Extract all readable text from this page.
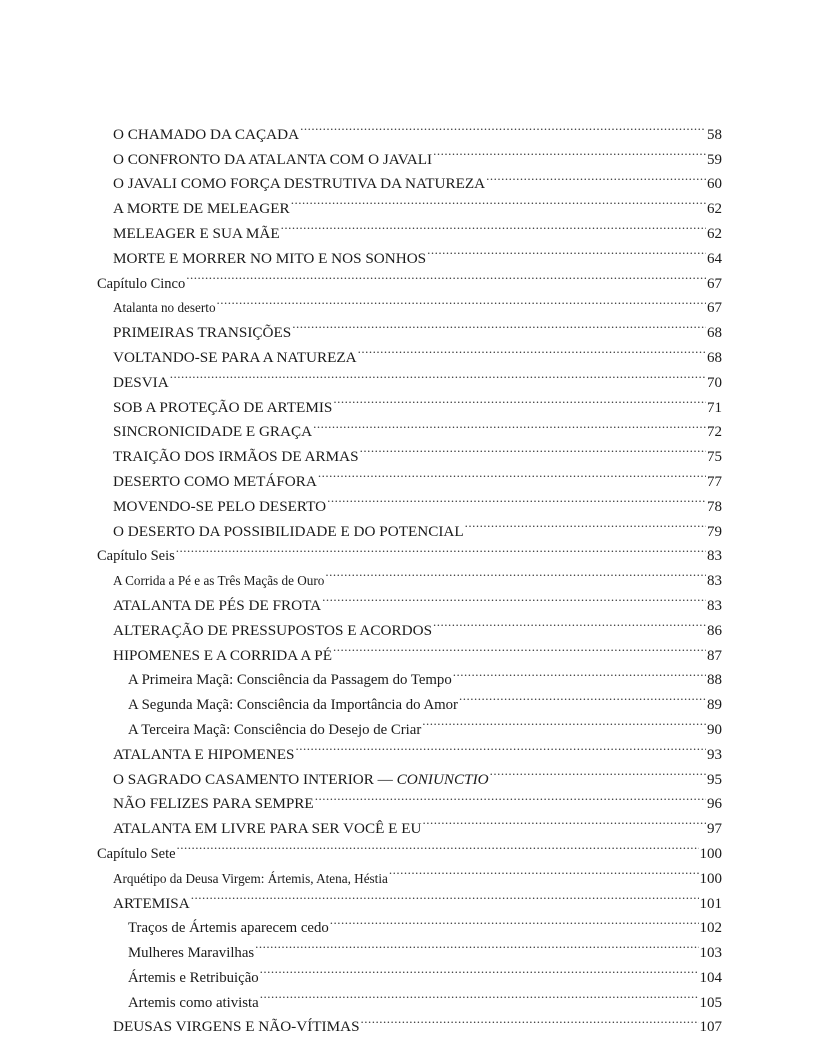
O CHAMADO DA CAÇADA .....	58
O CONFRONTO DA ATALANTA COM O JAVALI .....	59
O JAVALI COMO FORÇA DESTRUTIVA DA NATUREZA .....	60
A MORTE DE MELEAGER .....	62
MELEAGER E SUA MÃE .....	62
MORTE E MORRER NO MITO E NOS SONHOS .....	64
Capítulo Cinco .....	67
Atalanta no deserto .....	67
PRIMEIRAS TRANSIÇÕES .....	68
VOLTANDO-SE PARA A NATUREZA .....	68
DESVIA .....	70
SOB A PROTEÇÃO DE ARTEMIS .....	71
SINCRONICIDADE E GRAÇA .....	72
TRAIÇÃO DOS IRMÃOS DE ARMAS .....	75
DESERTO COMO METÁFORA .....	77
MOVENDO-SE PELO DESERTO .....	78
O DESERTO DA POSSIBILIDADE E DO POTENCIAL .....	79
Capítulo Seis .....	83
A Corrida a Pé e as Três Maçãs de Ouro .....	83
ATALANTA DE PÉS DE FROTA .....	83
ALTERAÇÃO DE PRESSUPOSTOS E ACORDOS .....	86
HIPOMENES E A CORRIDA A PÉ .....	87
A Primeira Maçã: Consciência da Passagem do Tempo .....	88
A Segunda Maçã: Consciência da Importância do Amor .....	89
A Terceira Maçã: Consciência do Desejo de Criar .....	90
ATALANTA E HIPOMENES .....	93
O SAGRADO CASAMENTO INTERIOR — CONIUNCTIO .....	95
NÃO FELIZES PARA SEMPRE .....	96
ATALANTA EM LIVRE PARA SER VOCÊ E EU .....	97
Capítulo Sete .....	100
Arquétipo da Deusa Virgem: Ártemis, Atena, Héstia .....	100
ARTEMISA .....	101
Traços de Ártemis aparecem cedo .....	102
Mulheres Maravilhas .....	103
Ártemis e Retribuição .....	104
Artemis como ativista .....	105
DEUSAS VIRGENS E NÃO-VÍTIMAS .....	107
